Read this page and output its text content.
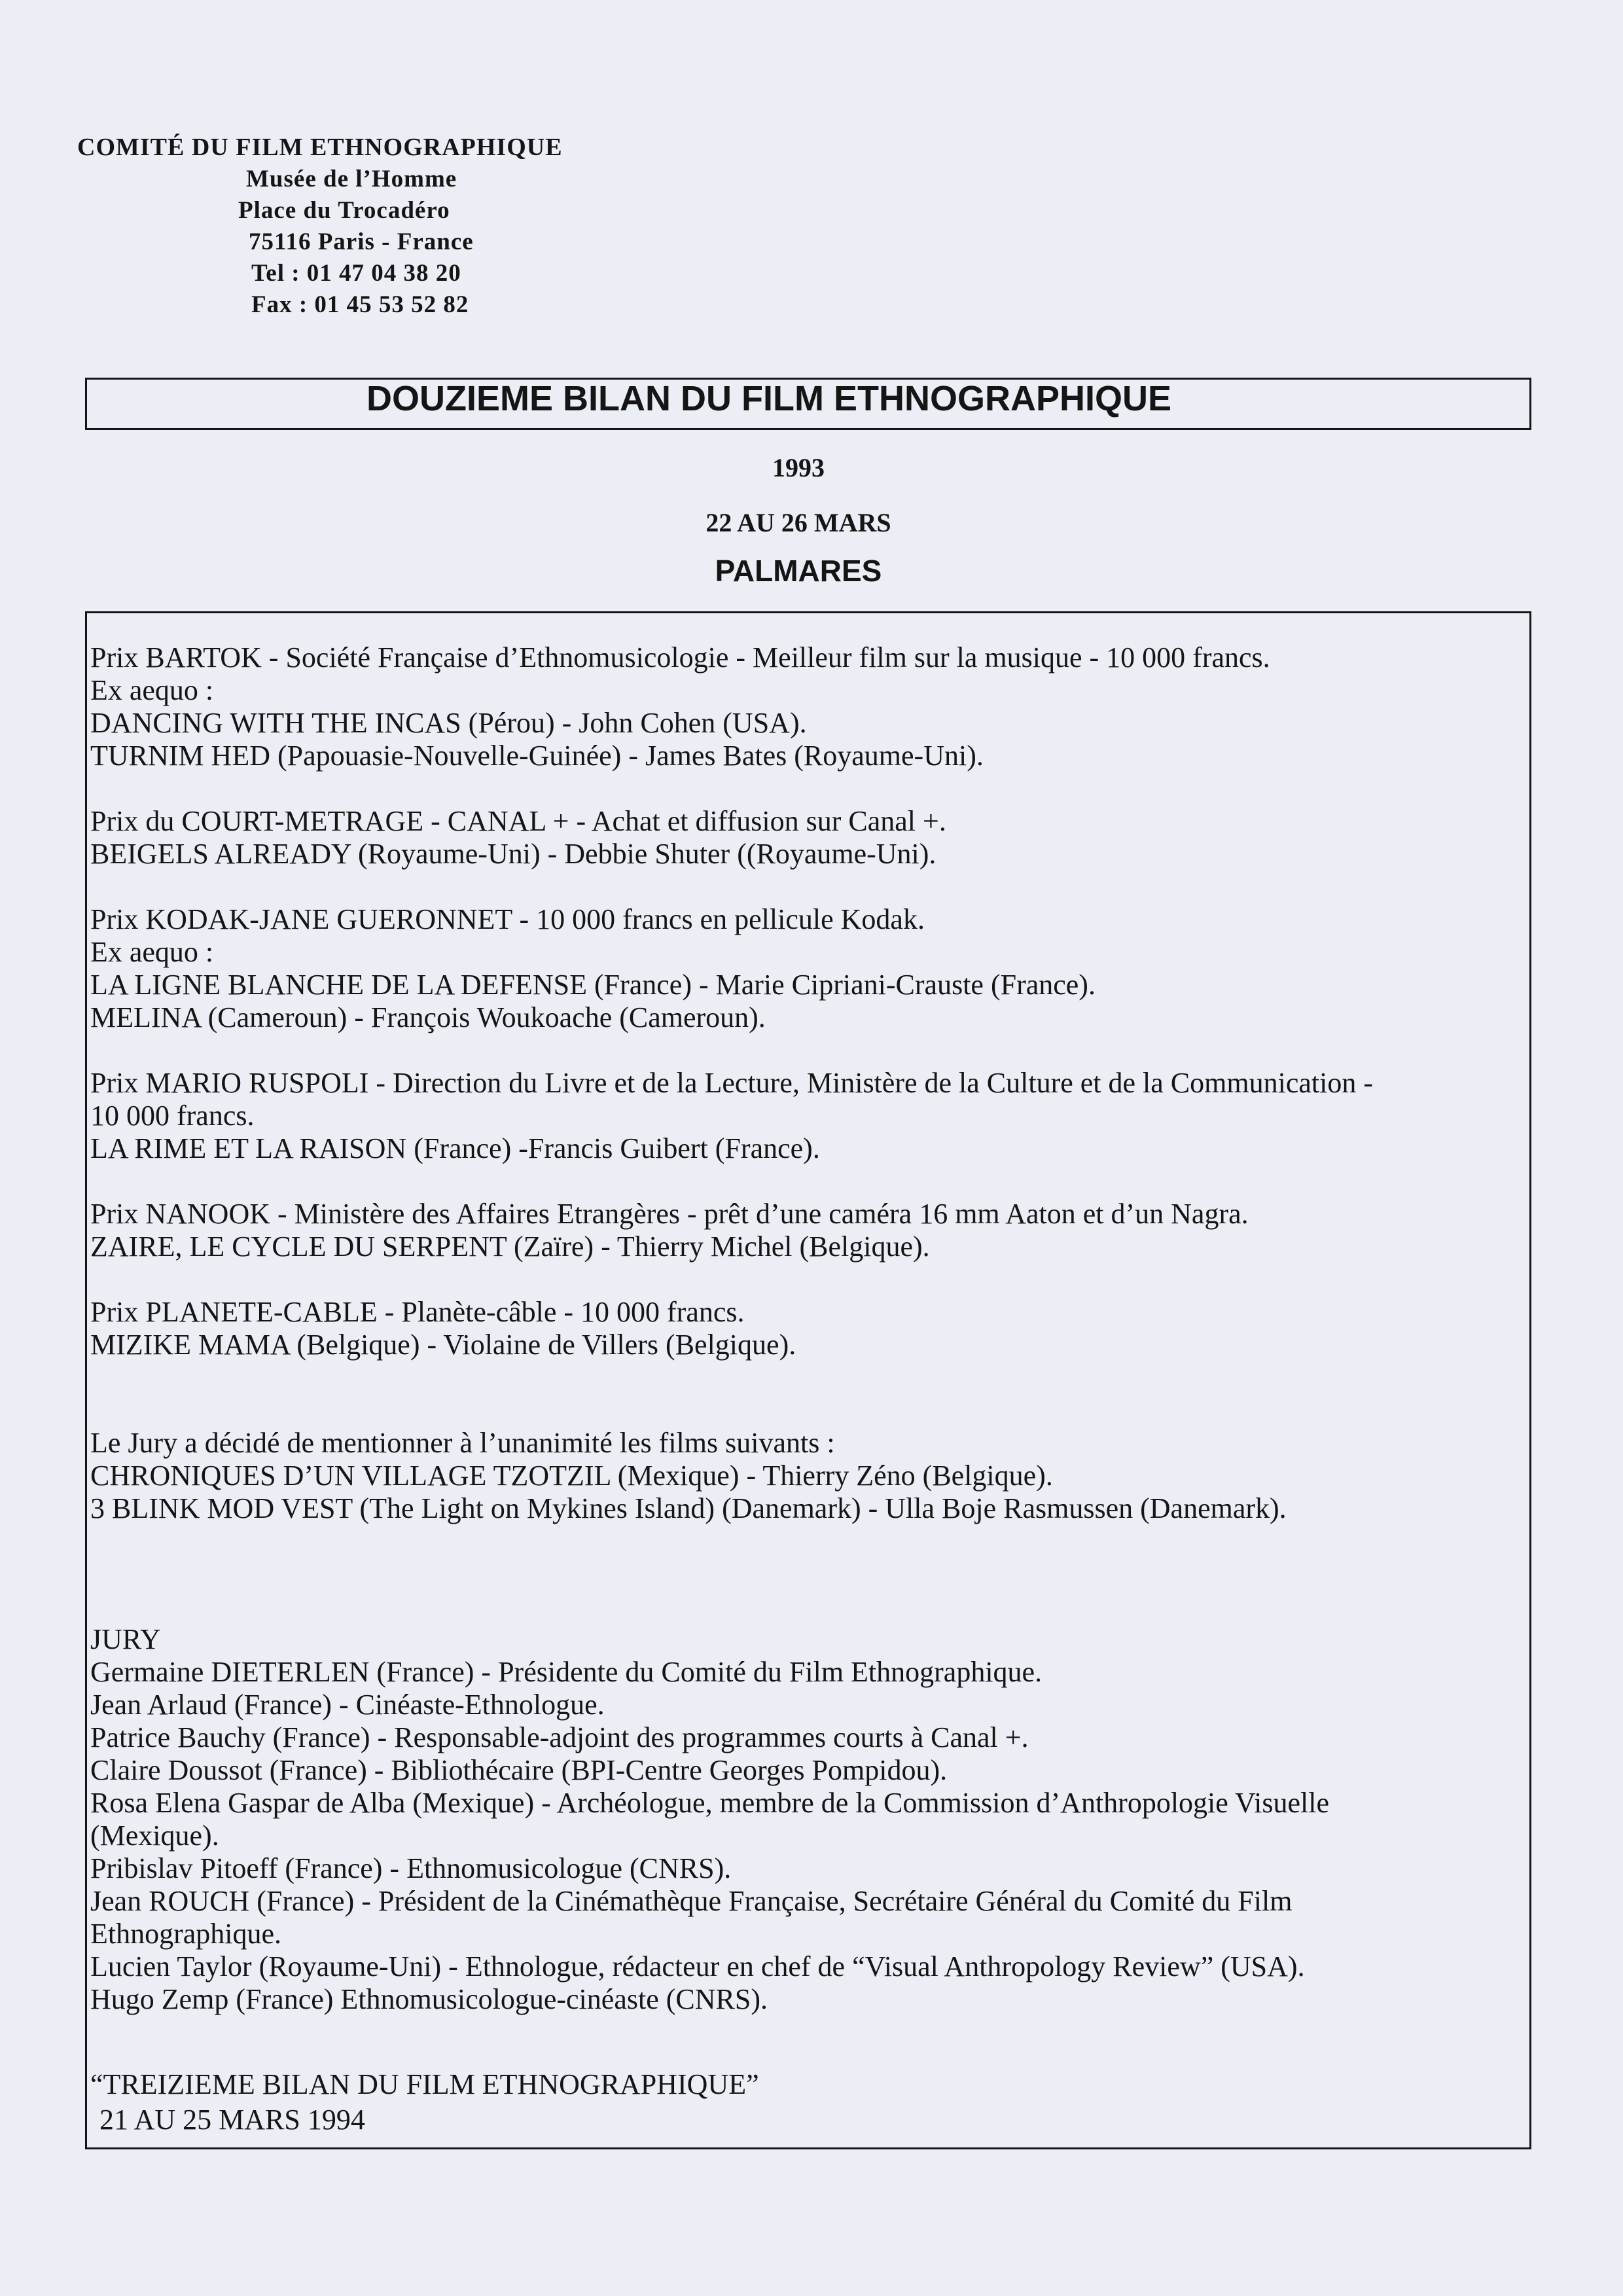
COMITÉ DU FILM ETHNOGRAPHIQUE
Musée de l’Homme
Place du Trocadéro
75116 Paris - France
Tel : 01 47 04 38 20
Fax : 01 45 53 52 82
DOUZIEME BILAN DU FILM ETHNOGRAPHIQUE
1993
22 AU 26 MARS
PALMARES
Prix BARTOK - Société Française d’Ethnomusicologie - Meilleur film sur la musique - 10 000 francs.
Ex aequo :
DANCING WITH THE INCAS (Pérou) - John Cohen (USA).
TURNIM HED (Papouasie-Nouvelle-Guinée) - James Bates (Royaume-Uni).
Prix du COURT-METRAGE - CANAL + - Achat et diffusion sur Canal +.
BEIGELS ALREADY (Royaume-Uni) - Debbie Shuter ((Royaume-Uni).
Prix KODAK-JANE GUERONNET - 10 000 francs en pellicule Kodak.
Ex aequo :
LA LIGNE BLANCHE DE LA DEFENSE (France) - Marie Cipriani-Crauste (France).
MELINA (Cameroun) - François Woukoache (Cameroun).
Prix MARIO RUSPOLI - Direction du Livre et de la Lecture, Ministère de la Culture et de la Communication -
10 000 francs.
LA RIME ET LA RAISON (France) -Francis Guibert (France).
Prix NANOOK - Ministère des Affaires Etrangères - prêt d’une caméra 16 mm Aaton et d’un Nagra.
ZAIRE, LE CYCLE DU SERPENT (Zaïre) - Thierry Michel (Belgique).
Prix PLANETE-CABLE - Planète-câble - 10 000 francs.
MIZIKE MAMA (Belgique) - Violaine de Villers (Belgique).
Le Jury a décidé de mentionner à l’unanimité les films suivants :
CHRONIQUES D’UN VILLAGE TZOTZIL (Mexique) - Thierry Zéno (Belgique).
3 BLINK MOD VEST (The Light on Mykines Island) (Danemark) - Ulla Boje Rasmussen (Danemark).
JURY
Germaine DIETERLEN (France) - Présidente du Comité du Film Ethnographique.
Jean Arlaud (France) - Cinéaste-Ethnologue.
Patrice Bauchy (France) - Responsable-adjoint des programmes courts à Canal +.
Claire Doussot (France) - Bibliothécaire (BPI-Centre Georges Pompidou).
Rosa Elena Gaspar de Alba (Mexique) - Archéologue, membre de la Commission d’Anthropologie Visuelle
(Mexique).
Pribislav Pitoeff (France) - Ethnomusicologue (CNRS).
Jean ROUCH (France) - Président de la Cinémathèque Française, Secrétaire Général du Comité du Film
Ethnographique.
Lucien Taylor (Royaume-Uni) - Ethnologue, rédacteur en chef de “Visual Anthropology Review” (USA).
Hugo Zemp (France) Ethnomusicologue-cinéaste (CNRS).
“TREIZIEME BILAN DU FILM ETHNOGRAPHIQUE”
21 AU 25 MARS 1994
